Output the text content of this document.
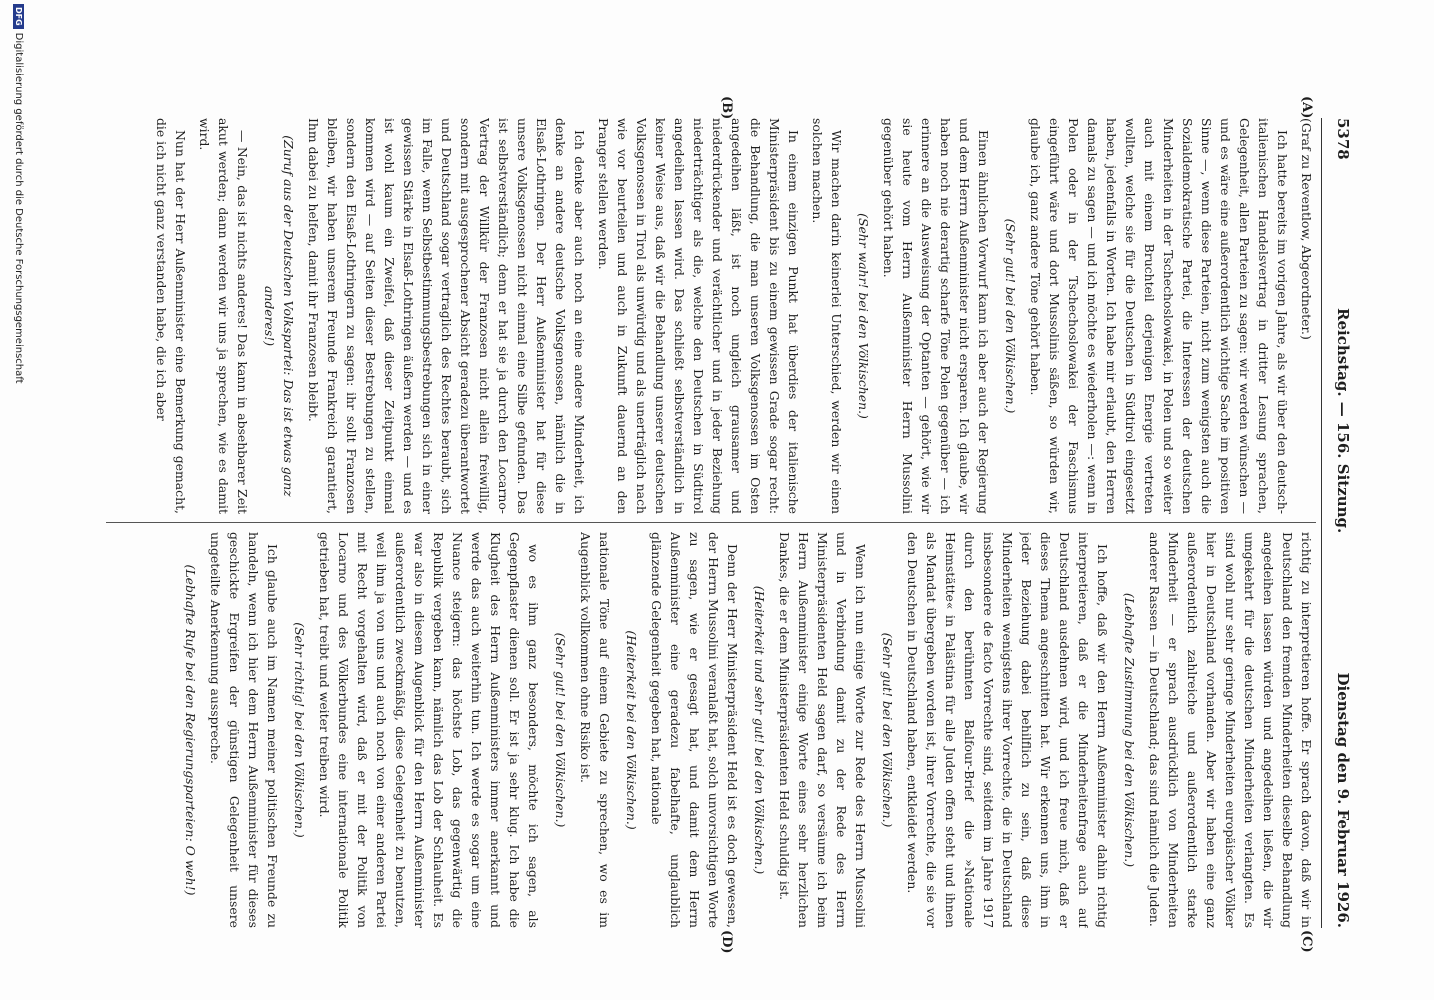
5378
Reichstag. — 156. Sitzung.
Dienstag den 9. Februar 1926.
(A)
(B)
(C)
(D)

(Graf zu Reventlow, Abgeordneter.)

Ich hatte bereits im vorigen Jahre, als wir über den deutsch-italienischen Handelsvertrag in dritter Lesung sprachen, Gelegenheit, allen Parteien zu sagen: wir werden wünschen — und es wäre eine außerordentlich wichtige Sache im positiven Sinne —, wenn diese Parteien, nicht zum wenigsten auch die Sozialdemokratische Partei, die Interessen der deutschen Minderheiten in der Tschechoslowakei, in Polen und so weiter auch mit einem Bruchteil derjenigen Energie vertreten wollten, welche sie für die Deutschen in Südtirol eingesetzt haben, jedenfalls in Worten. Ich habe mir erlaubt, den Herren damals zu sagen — und ich möchte es wiederholen —: wenn in Polen oder in der Tschechoslowakei der Faschismus eingeführt wäre und dort Mussolinis säßen, so würden wir, glaube ich, ganz andere Töne gehört haben.

(Sehr gut! bei den Völkischen.)

Einen ähnlichen Vorwurf kann ich aber auch der Regierung und dem Herrn Außenminister nicht ersparen. Ich glaube, wir haben noch nie derartig scharfe Töne Polen gegenüber — ich erinnere an die Ausweisung der Optanten — gehört, wie wir sie heute vom Herrn Außenminister Herrn Mussolini gegenüber gehört haben.

(Sehr wahr! bei den Völkischen.)

Wir machen darin keinerlei Unterschied, werden wir einen solchen machen.

In einem einzigen Punkt hat überdies der italienische Ministerpräsident bis zu einem gewissen Grade sogar recht: die Behandlung, die man unseren Volksgenossen im Osten angedeihen läßt, ist noch ungleich grausamer und niederdrückender und verächtlicher und in jeder Beziehung niederträchtiger als die, welche den Deutschen in Südtirol angedeihen lassen wird. Das schließt selbstverständlich in keiner Weise aus, daß wir die Behandlung unserer deutschen Volksgenossen in Tirol als unwürdig und als unerträglich nach wie vor beurteilen und auch in Zukunft dauernd an den Pranger stellen werden.

Ich denke aber auch noch an eine andere Minderheit, ich denke an andere deutsche Volksgenossen, nämlich die in Elsaß-Lothringen. Der Herr Außenminister hat für diese unsere Volksgenossen nicht einmal eine Silbe gefunden. Das ist selbstverständlich; denn er hat sie ja durch den Locarno-Vertrag der Willkür der Franzosen nicht allein freiwillig, sondern mit ausgesprochener Absicht geradezu überantwortet und Deutschland sogar vertraglich des Rechtes beraubt, sich im Falle, wenn Selbstbestimmungsbestrebungen sich in einer gewissen Stärke in Elsaß-Lothringen äußern werden — und es ist wohl kaum ein Zweifel, daß dieser Zeitpunkt einmal kommen wird — auf Seiten dieser Bestrebungen zu stellen, sondern den Elsaß-Lothringern zu sagen: ihr sollt Franzosen bleiben, wir haben unserem Freunde Frankreich garantiert, Ihm dabei zu helfen, damit ihr Franzosen bleibt.

(Zuruf aus der Deutschen Volkspartei: Das ist etwas ganz anderes!)

— Nein, das ist nichts anderes! Das kann in absehbarer Zeit akut werden; dann werden wir uns ja sprechen, wie es damit wird.

Nun hat der Herr Außenminister eine Bemerkung gemacht, die ich nicht ganz verstanden habe, die ich aber

richtig zu interpretieren hoffe. Er sprach davon, daß wir in Deutschland den fremden Minderheiten dieselbe Behandlung angedeihen lassen würden und angedeihen ließen, die wir umgekehrt für die deutschen Minderheiten verlangten. Es sind wohl nur sehr geringe Minderheiten europäischer Völker hier in Deutschland vorhanden. Aber wir haben eine ganz außerordentlich zahlreiche und außerordentlich starke Minderheit — er sprach ausdrücklich von Minderheiten anderer Rassen — in Deutschland; das sind nämlich die Juden.

(Lebhafte Zustimmung bei den Völkischen.)

Ich hoffe, daß wir den Herrn Außenminister dahin richtig interpretieren, daß er die Minderheitenfrage auch auf Deutschland ausdehnen wird, und ich freue mich, daß er dieses Thema angeschnitten hat. Wir erkennen uns, ihm in jeder Beziehung dabei behilflich zu sein, daß diese Minderheiten wenigstens ihrer Vorrechte, die in Deutschland insbesondere de facto Vorrechte sind, seitdem im Jahre 1917 durch den berühmten Balfour-Brief die »Nationale Heimstätte« in Palästina für alle Juden offen steht und ihnen als Mandat übergeben worden ist, ihrer Vorrechte, die sie vor den Deutschen in Deutschland haben, entkleidet werden.

(Sehr gut! bei den Völkischen.)

Wenn ich nun einige Worte zur Rede des Herrn Mussolini und in Verbindung damit zu der Rede des Herrn Ministerpräsidenten Held sagen darf, so versäume ich beim Herrn Außenminister einige Worte eines sehr herzlichen Dankes, die er dem Ministerpräsidenten Held schuldig ist.

(Heiterkeit und sehr gut! bei den Völkischen.)

Denn der Herr Ministerpräsident Held ist es doch gewesen, der Herrn Mussolini veranlaßt hat, solch unvorsichtigen Worte zu sagen, wie er gesagt hat, und damit dem Herrn Außenminister eine geradezu fabelhafte, unglaublich glänzende Gelegenheit gegeben hat, nationale

(Heiterkeit bei den Völkischen.)

nationale Töne auf einem Gebiete zu sprechen, wo es im Augenblick vollkommen ohne Risiko ist.

(Sehr gut! bei den Völkischen.)

wo es ihm ganz besonders, möchte ich sagen, als Gegenpflaster dienen soll. Er ist ja sehr klug. Ich habe die Klugheit des Herrn Außenministers immer anerkannt und werde das auch weiterhin tun. Ich werde es sogar um eine Nuance steigern: das höchste Lob, das gegenwärtig die Republik vergeben kann, nämlich das Lob der Schlauheit. Es war also in diesem Augenblick für den Herrn Außenminister außerordentlich zweckmäßig, diese Gelegenheit zu benutzen, weil ihm ja von uns und auch noch von einer anderen Partei mit Recht vorgehalten wird, daß er mit der Politik von Locarno und des Völkerbundes eine internationale Politik getrieben hat, treibt und weiter treiben wird.

(Sehr richtig! bei den Völkischen.)

Ich glaube auch im Namen meiner politischen Freunde zu handeln, wenn ich hier dem Herrn Außenminister für dieses geschickte Ergreifen der günstigen Gelegenheit unsere ungeteilte Anerkennung ausspreche.

(Lebhafte Rufe bei den Regierungsparteien: O weh!)

DFGDigitalisierung gefördert durch die Deutsche Forschungsgemeinschaft
